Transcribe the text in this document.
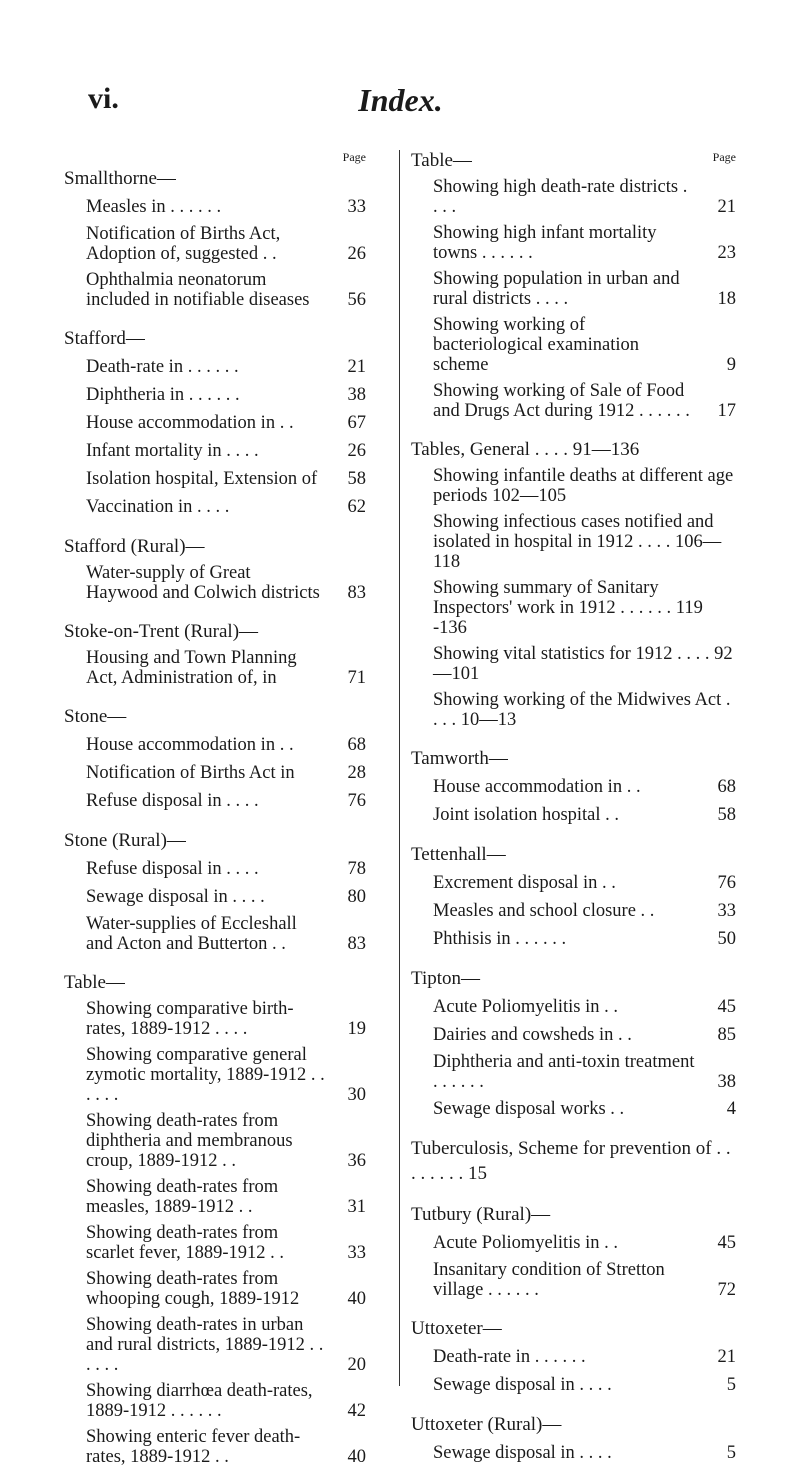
vi.	Index.
Page
Smallthorne—
Measles in . . . . . .	33
Notification of Births Act, Adoption of, suggested . .	26
Ophthalmia neonatorum included in notifiable diseases 56
Stafford—
Death-rate in . . . . . .	21
Diphtheria in . . . . . .	38
House accommodation in . .	67
Infant mortality in . . . .	26
Isolation hospital, Extension of 58
Vaccination in . . . .	62
Stafford (Rural)—
Water-supply of Great Haywood and Colwich districts 83
Stoke-on-Trent (Rural)—
Housing and Town Planning Act, Administration of, in	71
Stone—
House accommodation in . .	68
Notification of Births Act in	28
Refuse disposal in . . . .	76
Stone (Rural)—
Refuse disposal in . . . .	78
Sewage disposal in . . . .	80
Water-supplies of Eccleshall and Acton and Butterton . .	83
Table—
Showing comparative birth-rates, 1889-1912 . . . .	19
Showing comparative general zymotic mortality, 1889-1912 . . . . . .	30
Showing death-rates from diphtheria and membranous croup, 1889-1912 . .	36
Showing death-rates from measles, 1889-1912 . .	31
Showing death-rates from scarlet fever, 1889-1912 . .	33
Showing death-rates from whooping cough, 1889-1912	40
Showing death-rates in urban and rural districts, 1889-1912 . . . . . .	20
Showing diarrhœa death-rates, 1889-1912 . . . . . .	42
Showing enteric fever death-rates, 1889-1912 . .	40
Page
Table—
Showing high death-rate districts . . . .	21
Showing high infant mortality towns . . . . . .	23
Showing population in urban and rural districts . . . .	18
Showing working of bacteriological examination scheme	9
Showing working of Sale of Food and Drugs Act during 1912 . . . . . . 17
Tables, General . . . . 91—136
Showing infantile deaths at different age periods 102—105
Showing infectious cases notified and isolated in hospital in 1912 . . . . 106—118
Showing summary of Sanitary Inspectors' work in 1912 . . . . . . 119 -136
Showing vital statistics for 1912 . . . . 92—101
Showing working of the Midwives Act . . . . 10—13
Tamworth—
House accommodation in . .	68
Joint isolation hospital . .	58
Tettenhall—
Excrement disposal in . .	76
Measles and school closure . .	33
Phthisis in . . . . . .	50
Tipton—
Acute Poliomyelitis in . .	45
Dairies and cowsheds in . .	85
Diphtheria and anti-toxin treatment . . . . . .	38
Sewage disposal works . .	4
Tuberculosis, Scheme for prevention of . . . . . . . . 15
Tutbury (Rural)—
Acute Poliomyelitis in . .	45
Insanitary condition of Stretton village . . . . . .	72
Uttoxeter—
Death-rate in . . . . . .	21
Sewage disposal in . . . .	5
Uttoxeter (Rural)—
Sewage disposal in . . . .	5
